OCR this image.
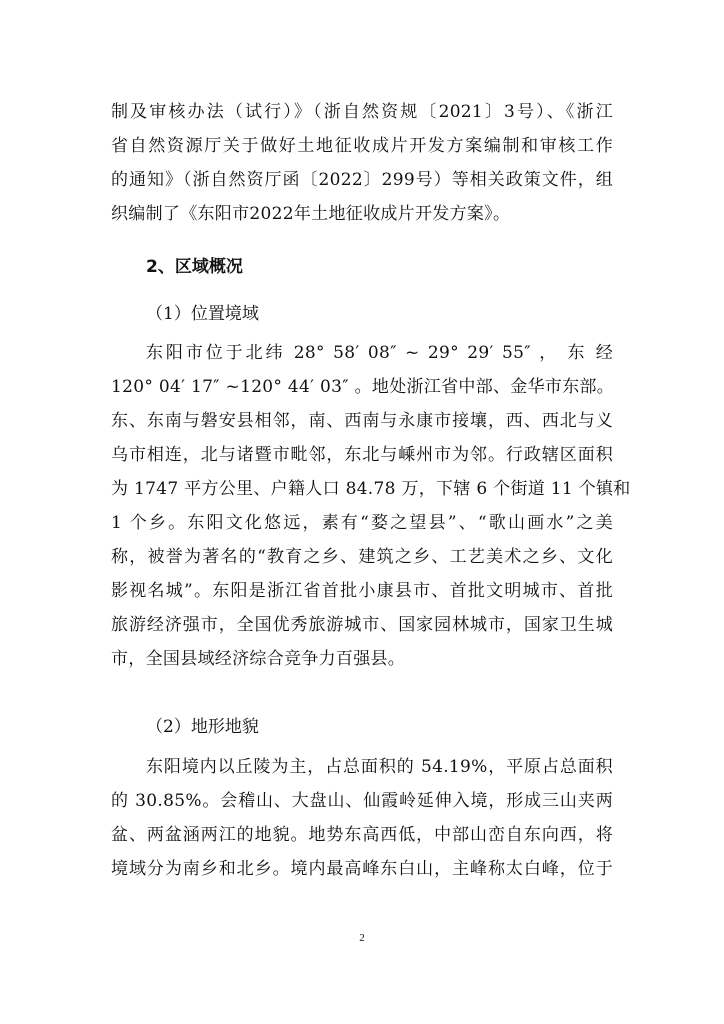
制及审核办法（试行）》（浙自然资规〔2021〕3号）、《浙江
省自然资源厅关于做好土地征收成片开发方案编制和审核工作
的通知》（浙自然资厅函〔2022〕299号）等相关政策文件，组
织编制了《东阳市2022年土地征收成片开发方案》。
2、区域概况
（1）位置境域
东阳市位于北纬 28° 58′ 08″ ~ 29° 29′ 55″ ， 东 经
120° 04′ 17″ ~120° 44′ 03″ 。地处浙江省中部、金华市东部。
东、东南与磐安县相邻，南、西南与永康市接壤，西、西北与义
乌市相连，北与诸暨市毗邻，东北与嵊州市为邻。行政辖区面积
为 1747 平方公里、户籍人口 84.78 万，下辖 6 个街道 11 个镇和
1 个乡。东阳文化悠远，素有“婺之望县”、“歌山画水”之美
称，被誉为著名的“教育之乡、建筑之乡、工艺美术之乡、文化
影视名城”。东阳是浙江省首批小康县市、首批文明城市、首批
旅游经济强市，全国优秀旅游城市、国家园林城市，国家卫生城
市，全国县域经济综合竞争力百强县。
（2）地形地貌
东阳境内以丘陵为主，占总面积的 54.19%，平原占总面积
的 30.85%。会稽山、大盘山、仙霞岭延伸入境，形成三山夹两
盆、两盆涵两江的地貌。地势东高西低，中部山峦自东向西，将
境域分为南乡和北乡。境内最高峰东白山，主峰称太白峰，位于
2
